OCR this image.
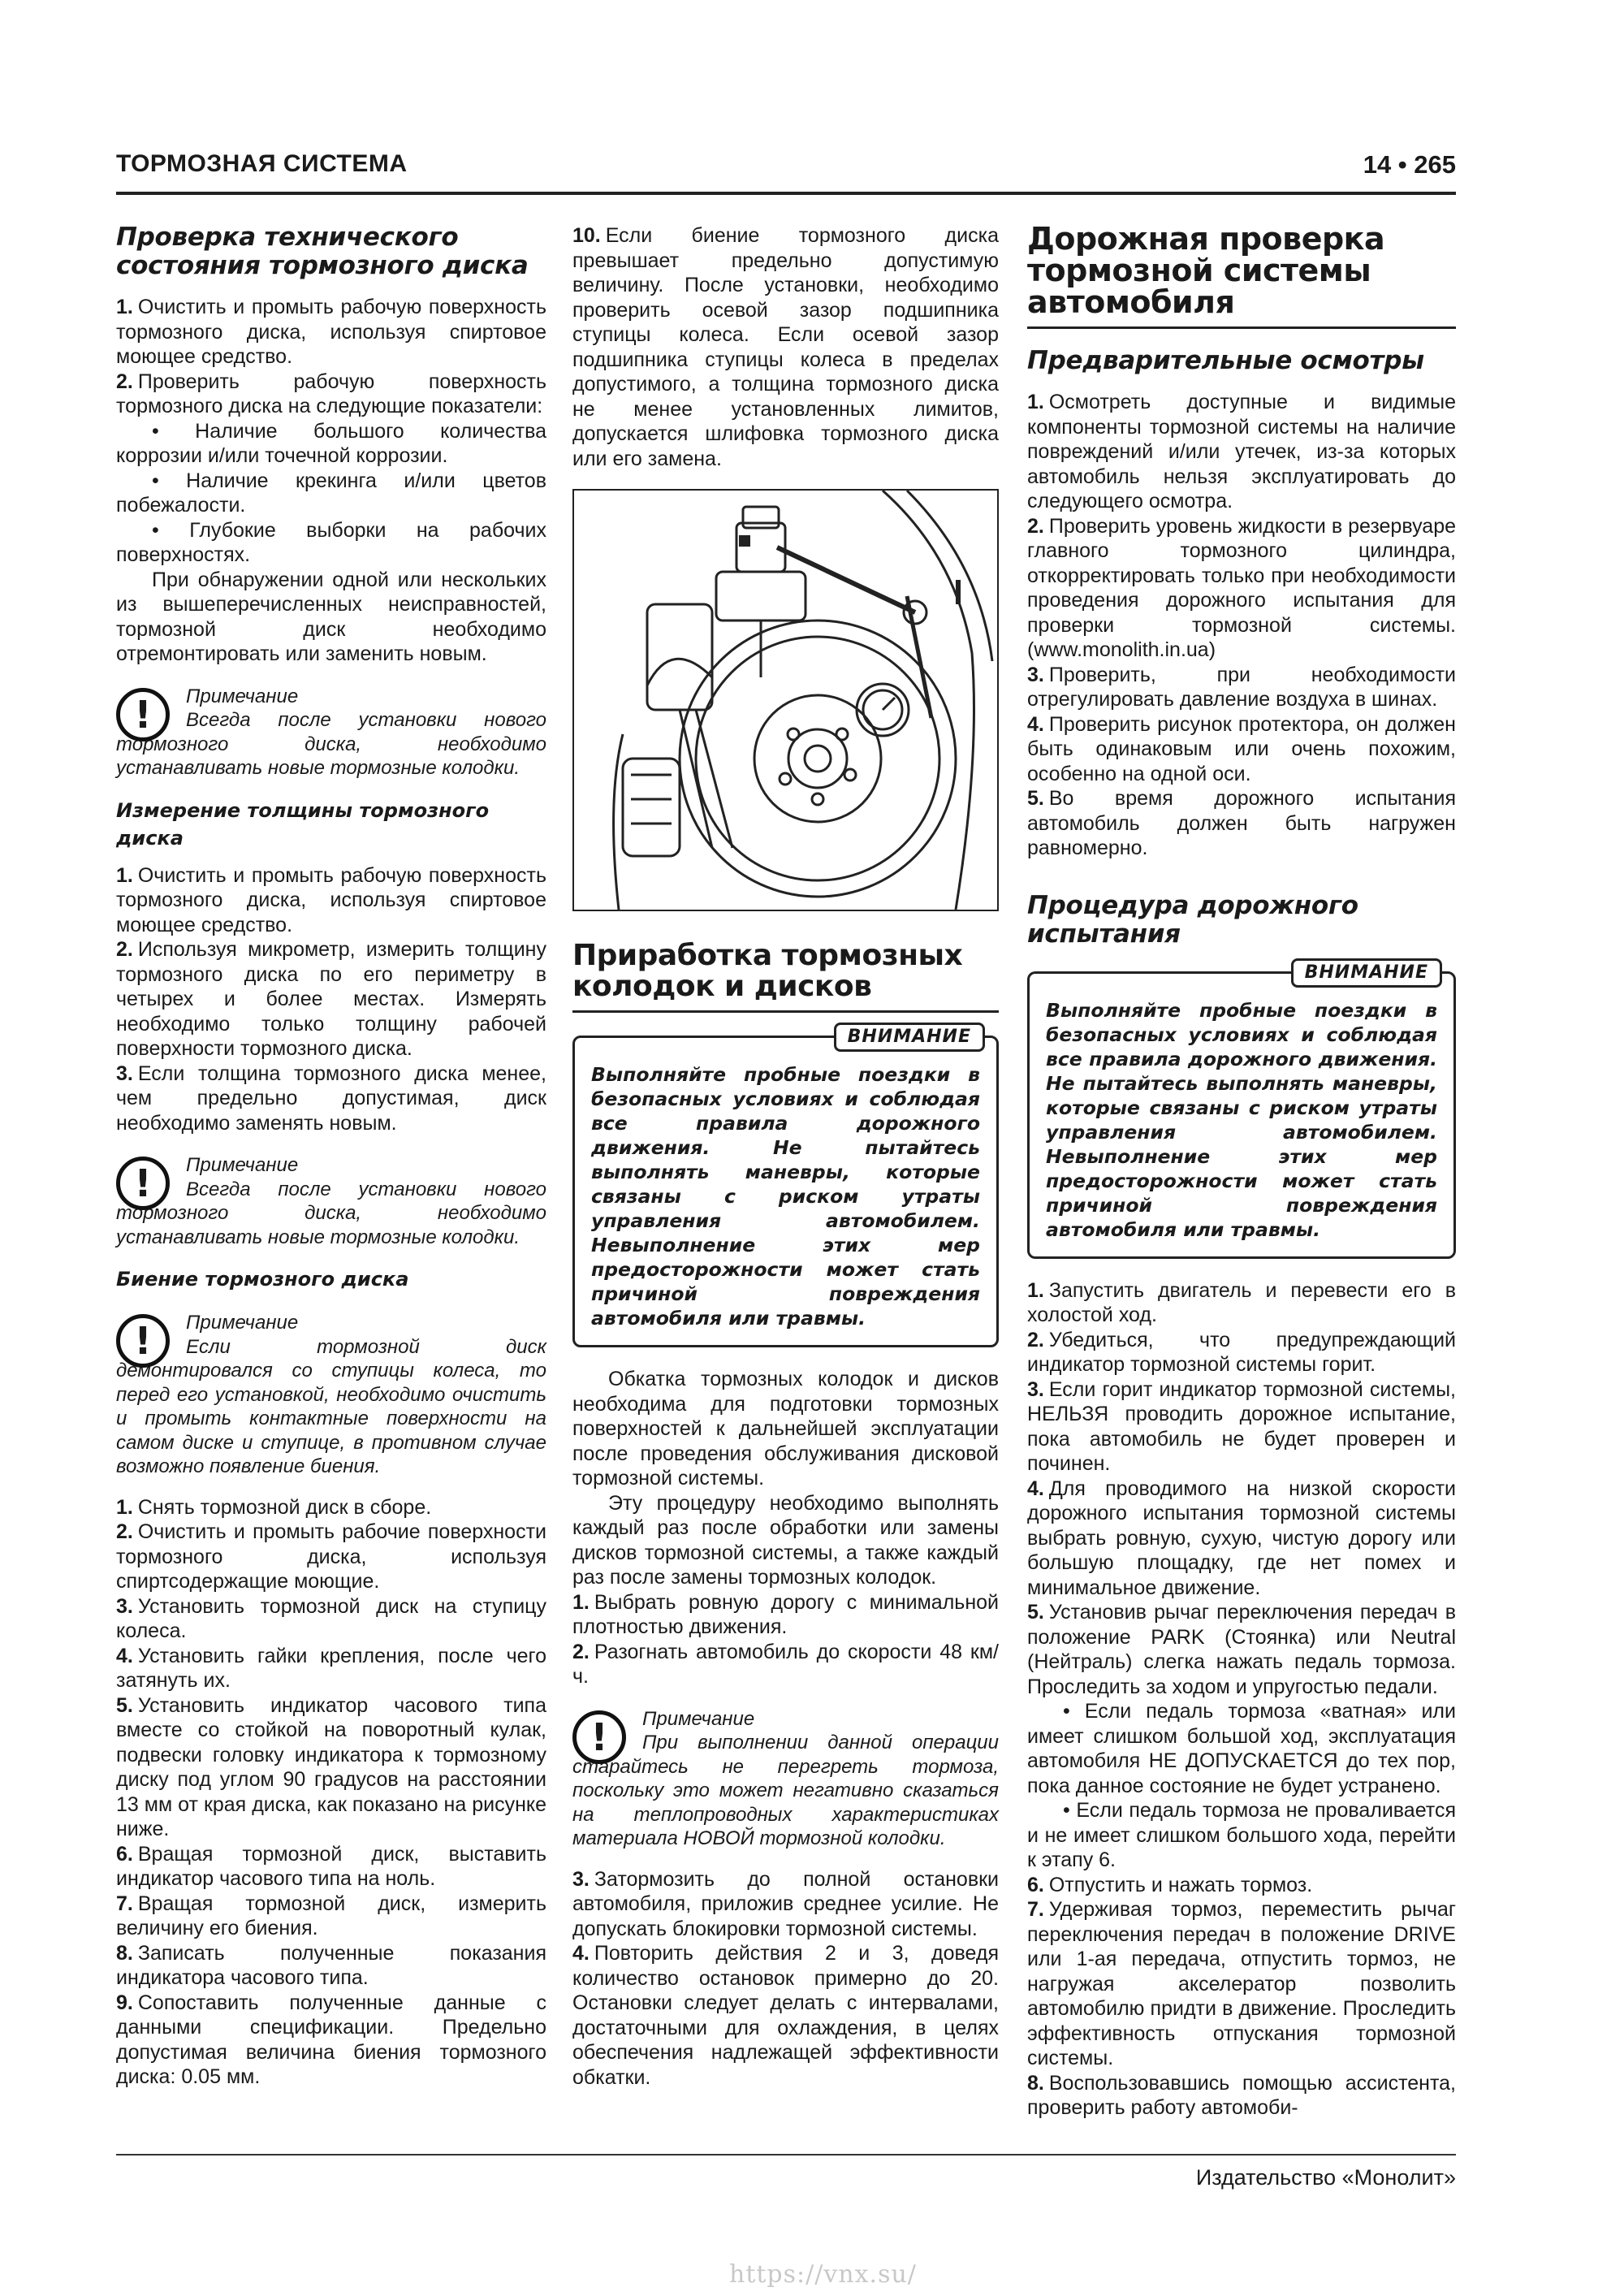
ТОРМОЗНАЯ СИСТЕМА	14 • 265
Проверка технического состояния тормозного диска

1. Очистить и промыть рабочую поверхность тормозного диска, используя спиртовое моющее средство.

2. Проверить рабочую поверхность тормозного диска на следующие показатели:

• Наличие большого количества коррозии и/или точечной коррозии.

• Наличие крекинга и/или цветов побежалости.

• Глубокие выборки на рабочих поверхностях.

При обнаружении одной или нескольких из вышеперечисленных неисправностей, тормозной диск необходимо отремонтировать или заменить новым.

!	Примечание

Всегда после установки нового тормозного диска, необходимо устанавливать новые тормозные колодки.

Измерение толщины тормозного диска

1. Очистить и промыть рабочую поверхность тормозного диска, используя спиртовое моющее средство.

2. Используя микрометр, измерить толщину тормозного диска по его периметру в четырех и более местах. Измерять необходимо только толщину рабочей поверхности тормозного диска.

3. Если толщина тормозного диска менее, чем предельно допустимая, диск необходимо заменять новым.

!	Примечание

Всегда после установки нового тормозного диска, необходимо устанавливать новые тормозные колодки.

Биение тормозного диска
!	Примечание

Если тормозной диск демонтировался со ступицы колеса, то перед его установкой, необходимо очистить и промыть контактные поверхности на самом диске и ступице, в противном случае возможно появление биения.

1. Снять тормозной диск в сборе.

2. Очистить и промыть рабочие поверхности тормозного диска, используя спиртсодержащие моющие.

3. Установить тормозной диск на ступицу колеса.

4. Установить гайки крепления, после чего затянуть их.

5. Установить индикатор часового типа вместе со стойкой на поворотный кулак, подвески головку индикатора к тормозному диску под углом 90 градусов на расстоянии 13 мм от края диска, как показано на рисунке ниже.

6. Вращая тормозной диск, выставить индикатор часового типа на ноль.

7. Вращая тормозной диск, измерить величину его биения.

8. Записать полученные показания индикатора часового типа.

9. Сопоставить полученные данные с данными спецификации. Предельно допустимая величина биения тормозного диска: 0.05 мм.

10. Если биение тормозного диска превышает предельно допустимую величину. После установки, необходимо проверить осевой зазор подшипника ступицы колеса. Если осевой зазор подшипника ступицы колеса в пределах допустимого, а толщина тормозного диска не менее установленных лимитов, допускается шлифовка тормозного диска или его замена.

Приработка тормозных колодок и дисков
ВНИМАНИЕ

Выполняйте пробные поездки в безопасных условиях и соблюдая все правила дорожного движения. Не пытайтесь выполнять маневры, которые связаны с риском утраты управления автомобилем. Невыполнение этих мер предосторожности может стать причиной повреждения автомобиля или травмы.

Обкатка тормозных колодок и дисков необходима для подготовки тормозных поверхностей к дальнейшей эксплуатации после проведения обслуживания дисковой тормозной системы.

Эту процедуру необходимо выполнять каждый раз после обработки или замены дисков тормозной системы, а также каждый раз после замены тормозных колодок.

1. Выбрать ровную дорогу с минимальной плотностью движения.

2. Разогнать автомобиль до скорости 48 км/ч.

!	Примечание

При выполнении данной операции старайтесь не перегреть тормоза, поскольку это может негативно сказаться на теплопроводных характеристиках материала НОВОЙ тормозной колодки.

3. Затормозить до полной остановки автомобиля, приложив среднее усилие. Не допускать блокировки тормозной системы.

4. Повторить действия 2 и 3, доведя количество остановок примерно до 20. Остановки следует делать с интервалами, достаточными для охлаждения, в целях обеспечения надлежащей эффективности обкатки.

Дорожная проверка тормозной системы автомобиля
Предварительные осмотры

1. Осмотреть доступные и видимые компоненты тормозной системы на наличие повреждений и/или утечек, из-за которых автомобиль нельзя эксплуатировать до следующего осмотра.

2. Проверить уровень жидкости в резервуаре главного тормозного цилиндра, откорректировать только при необходимости проведения дорожного испытания для проверки тормозной системы. (www.monolith.in.ua)

3. Проверить, при необходимости отрегулировать давление воздуха в шинах.

4. Проверить рисунок протектора, он должен быть одинаковым или очень похожим, особенно на одной оси.

5. Во время дорожного испытания автомобиль должен быть нагружен равномерно.

Процедура дорожного испытания
ВНИМАНИЕ

Выполняйте пробные поездки в безопасных условиях и соблюдая все правила дорожного движения. Не пытайтесь выполнять маневры, которые связаны с риском утраты управления автомобилем. Невыполнение этих мер предосторожности может стать причиной повреждения автомобиля или травмы.

1. Запустить двигатель и перевести его в холостой ход.

2. Убедиться, что предупреждающий индикатор тормозной системы горит.

3. Если горит индикатор тормозной системы, НЕЛЬЗЯ проводить дорожное испытание, пока автомобиль не будет проверен и починен.

4. Для проводимого на низкой скорости дорожного испытания тормозной системы выбрать ровную, сухую, чистую дорогу или большую площадку, где нет помех и минимальное движение.

5. Установив рычаг переключения передач в положение PARK (Стоянка) или Neutral (Нейтраль) слегка нажать педаль тормоза. Проследить за ходом и упругостью педали.

• Если педаль тормоза «ватная» или имеет слишком большой ход, эксплуатация автомобиля НЕ ДОПУСКАЕТСЯ до тех пор, пока данное состояние не будет устранено.

• Если педаль тормоза не проваливается и не имеет слишком большого хода, перейти к этапу 6.

6. Отпустить и нажать тормоз.

7. Удерживая тормоз, переместить рычаг переключения передач в положение DRIVE или 1-ая передача, отпустить тормоз, не нагружая акселератор позволить автомобилю придти в движение. Проследить эффективность отпускания тормозной системы.

8. Воспользовавшись помощью ассистента, проверить работу автомоби-

Издательство «Монолит»
https://vnx.su/
